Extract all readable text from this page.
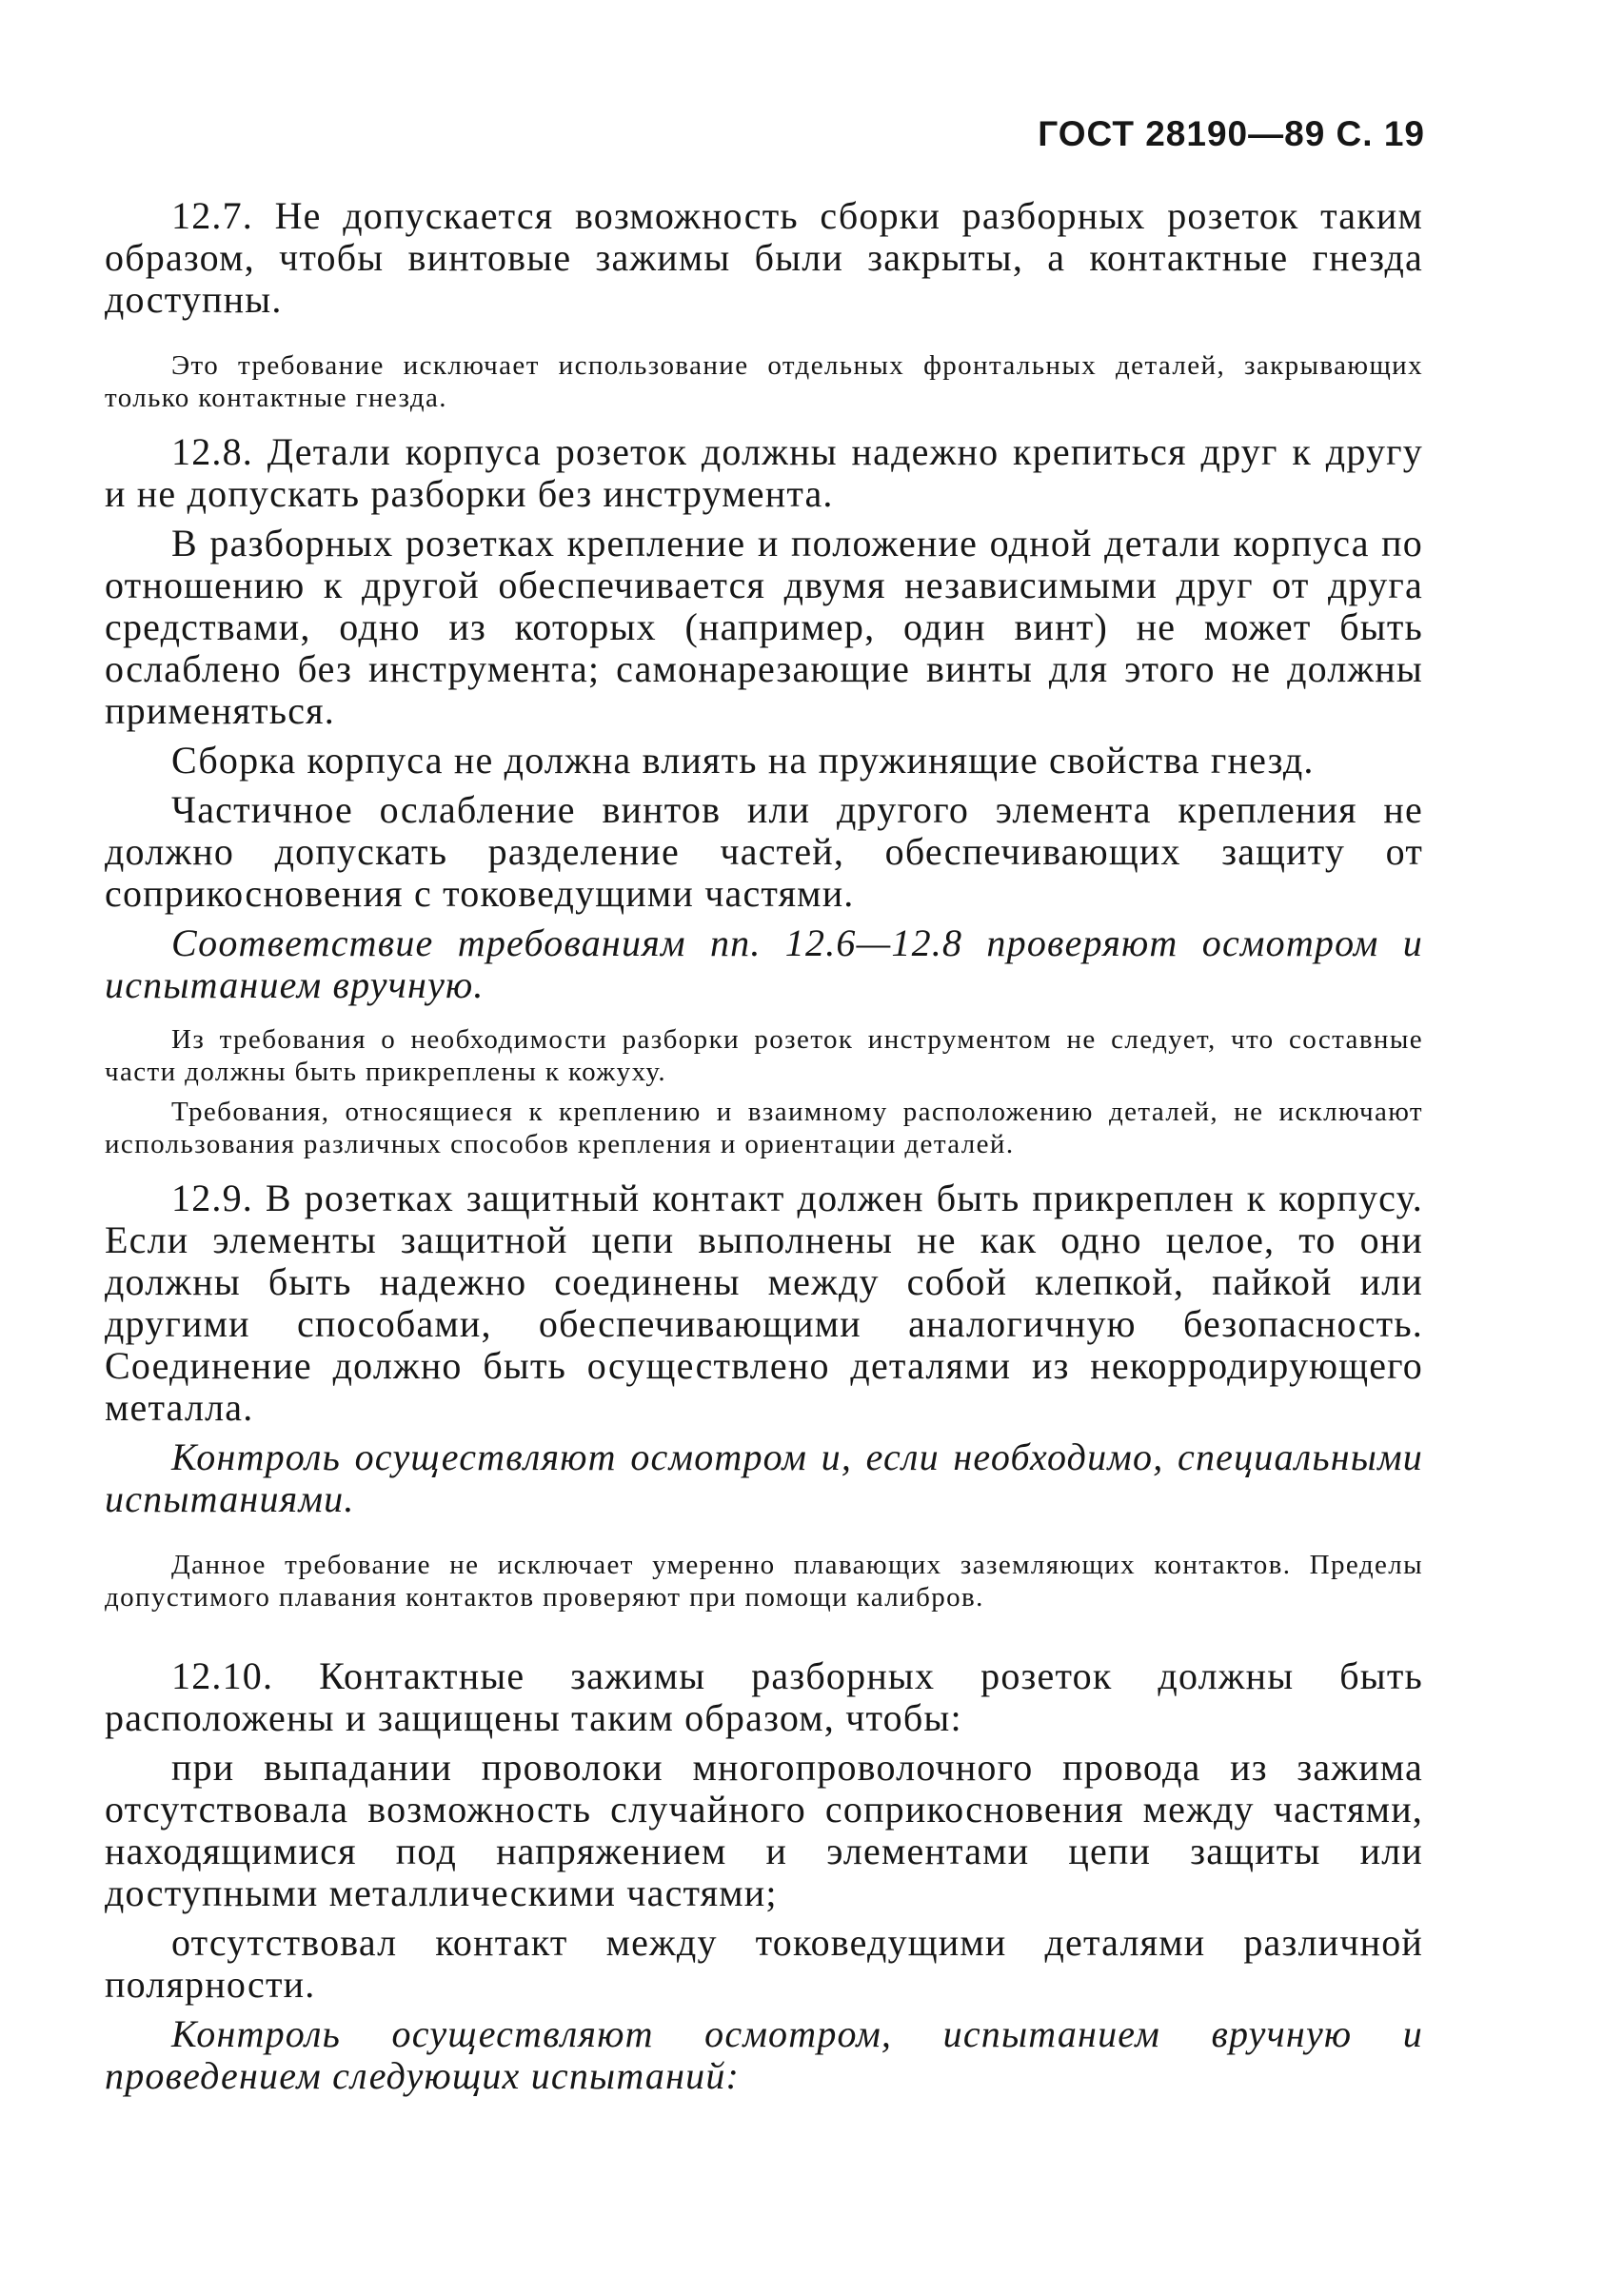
ГОСТ 28190—89 С. 19

12.7. Не допускается возможность сборки разборных розеток таким образом, чтобы винтовые зажимы были закрыты, а контактные гнезда доступны.

Это требование исключает использование отдельных фронтальных деталей, закрывающих только контактные гнезда.

12.8. Детали корпуса розеток должны надежно крепиться друг к другу и не допускать разборки без инструмента.

В разборных розетках крепление и положение одной детали корпуса по отношению к другой обеспечивается двумя независимыми друг от друга средствами, одно из которых (например, один винт) не может быть ослаблено без инструмента; самонарезающие винты для этого не должны применяться.

Сборка корпуса не должна влиять на пружинящие свойства гнезд.

Частичное ослабление винтов или другого элемента крепления не должно допускать разделение частей, обеспечивающих защиту от соприкосновения с токоведущими частями.

Соответствие требованиям пп. 12.6—12.8 проверяют осмотром и испытанием вручную.

Из требования о необходимости разборки розеток инструментом не следует, что составные части должны быть прикреплены к кожуху.

Требования, относящиеся к креплению и взаимному расположению деталей, не исключают использования различных способов крепления и ориентации деталей.

12.9. В розетках защитный контакт должен быть прикреплен к корпусу. Если элементы защитной цепи выполнены не как одно целое, то они должны быть надежно соединены между собой клепкой, пайкой или другими способами, обеспечивающими аналогичную безопасность. Соединение должно быть осуществлено деталями из некорродирующего металла.

Контроль осуществляют осмотром и, если необходимо, специальными испытаниями.

Данное требование не исключает умеренно плавающих заземляющих контактов. Пределы допустимого плавания контактов проверяют при помощи калибров.

12.10. Контактные зажимы разборных розеток должны быть расположены и защищены таким образом, чтобы:

при выпадании проволоки многопроволочного провода из зажима отсутствовала возможность случайного соприкосновения между частями, находящимися под напряжением и элементами цепи защиты или доступными металлическими частями;

отсутствовал контакт между токоведущими деталями различной полярности.

Контроль осуществляют осмотром, испытанием вручную и проведением следующих испытаний:
